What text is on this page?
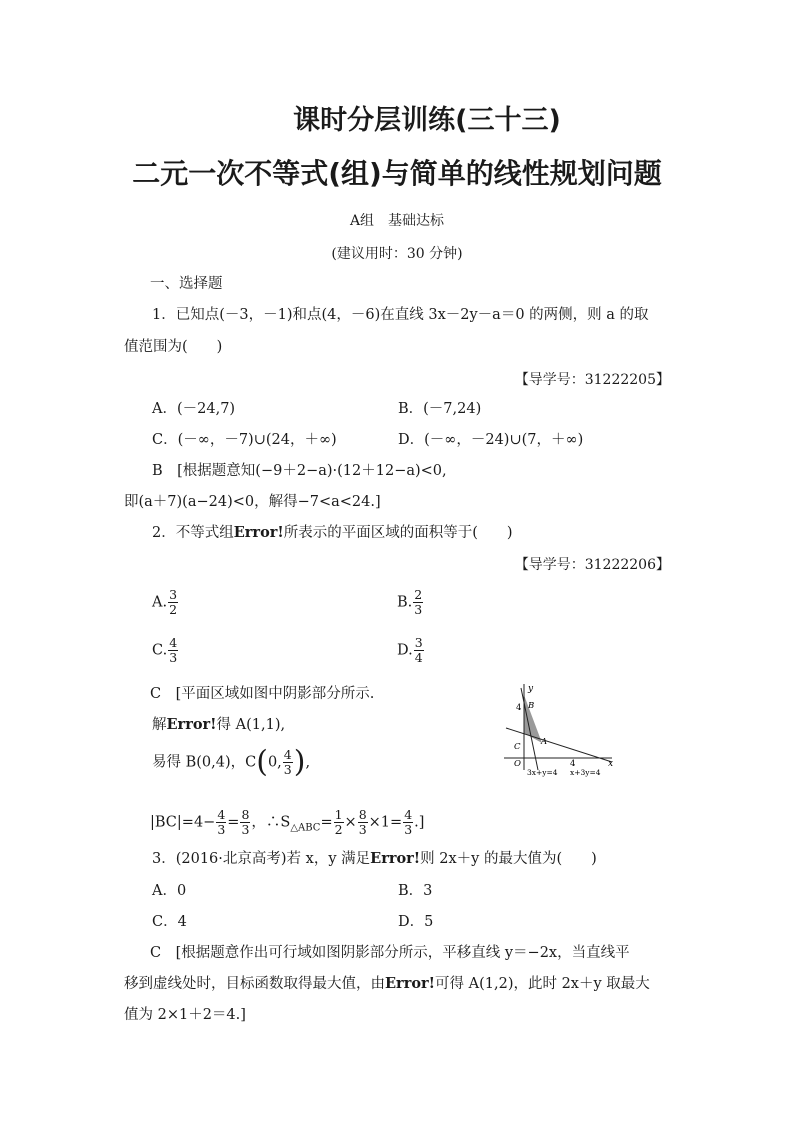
课时分层训练(三十三)
二元一次不等式(组)与简单的线性规划问题
A组　基础达标
(建议用时：30 分钟)
一、选择题
1．已知点(－3，－1)和点(4，－6)在直线 3x－2y－a＝0 的两侧，则 a 的取
值范围为(　　)
【导学号：31222205】
A．(－24,7)	B．(－7,24)
C．(－∞，－7)∪(24，＋∞)	D．(－∞，－24)∪(7，＋∞)
B　[根据题意知(−9＋2−a)·(12＋12−a)<0,
即(a＋7)(a−24)<0，解得−7<a<24.]
2．不等式组Error!所表示的平面区域的面积等于(　　)
【导学号：31222206】
A. $\frac{3}{2}$	B. $\frac{2}{3}$
C. $\frac{4}{3}$	D. $\frac{3}{4}$
C　[平面区域如图中阴影部分所示.
解Error!得 A(1,1),
易得 B(0,4)，C(0, $\frac{4}{3}$ ),
$|BC|=4- \frac{4}{3} = \frac{8}{3}$ ，$\therefore S_{\triangle ABC}= \frac{1}{2} \times \frac{8}{3} \times 1= \frac{4}{3}$ .]
y
x
4 B
A
C
O	4
3x+y=4 x+3y=4
3．(2016·北京高考)若 x，y 满足Error!则 2x＋y 的最大值为(　　)
A．0	B．3
C．4	D．5
C　[根据题意作出可行域如图阴影部分所示，平移直线 y＝−2x，当直线平
移到虚线处时，目标函数取得最大值，由Error!可得 A(1,2)，此时 2x＋y 取最大
值为 2×1＋2＝4.]
